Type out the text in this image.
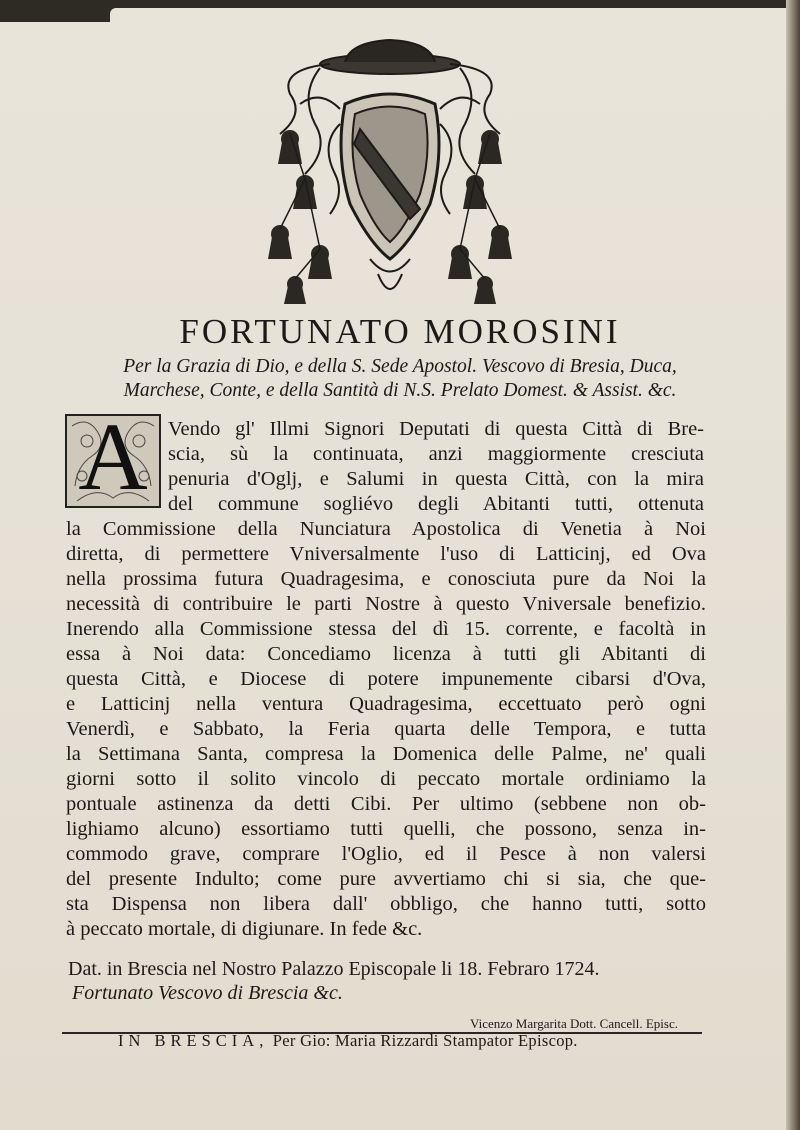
FORTUNATO MOROSINI

Per la Grazia di Dio, e della S. Sede Apostol. Vescovo di Bresia, Duca,

Marchese, Conte, e della Santità di N.S. Prelato Domest. & Assist. &c.

A Vendo gl' Illmi Signori Deputati di questa Città di Bre-

scia, sù la continuata, anzi maggiormente cresciuta

penuria d'Oglj, e Salumi in questa Città, con la mira

del commune sogliévo degli Abitanti tutti, ottenuta

la Commissione della Nunciatura Apostolica di Venetia à Noi

diretta, di permettere Vniversalmente l'uso di Latticinj, ed Ova

nella prossima futura Quadragesima, e conosciuta pure da Noi la

necessità di contribuire le parti Nostre à questo Vniversale benefizio.

Inerendo alla Commissione stessa del dì 15. corrente, e facoltà in

essa à Noi data: Concediamo licenza à tutti gli Abitanti di

questa Città, e Diocese di potere impunemente cibarsi d'Ova,

e Latticinj nella ventura Quadragesima, eccettuato però ogni

Venerdì, e Sabbato, la Feria quarta delle Tempora, e tutta

la Settimana Santa, compresa la Domenica delle Palme, ne' quali

giorni sotto il solito vincolo di peccato mortale ordiniamo la

pontuale astinenza da detti Cibi. Per ultimo (sebbene non ob-

lighiamo alcuno) essortiamo tutti quelli, che possono, senza in-

commodo grave, comprare l'Oglio, ed il Pesce à non valersi

del presente Indulto; come pure avvertiamo chi si sia, che que-

sta Dispensa non libera dall' obbligo, che hanno tutti, sotto

à peccato mortale, di digiunare. In fede &c.

Dat. in Brescia nel Nostro Palazzo Episcopale li 18. Febraro 1724.
Fortunato Vescovo di Brescia &c.
Vicenzo Margarita Dott. Cancell. Episc.
IN BRESCIA, Per Gio: Maria Rizzardi Stampator Episcop.
